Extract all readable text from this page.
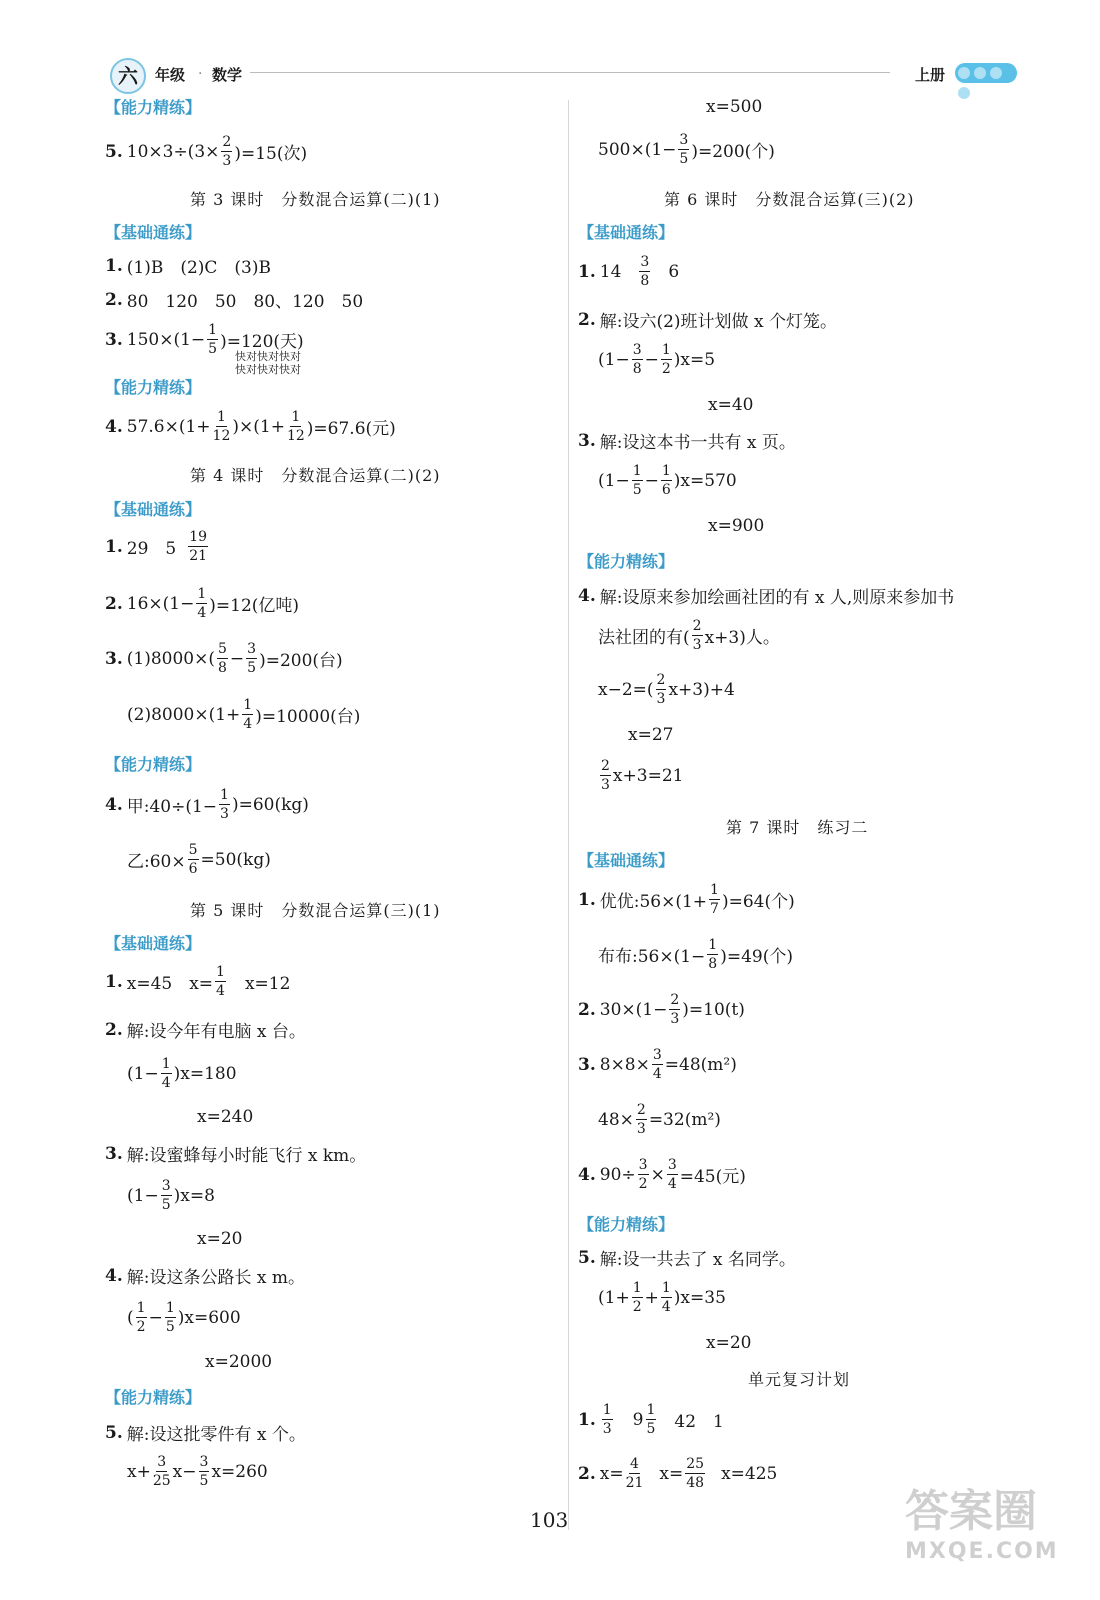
六	年级 · 数学	上册
【能力精练】
5. $10\times 3\div(3\times \frac{2}{3} )=15$(次)
第 3 课时　分数混合运算(二)(1)
【基础通练】
1. (1)B　(2)C　(3)B
2. 80　120　50　80、120　50
3. $150\times(1- \frac{1}{5} )=120$(天)
快对快对快对
快对快对快对
【能力精练】
4. $57.6\times(1+ \frac{1}{12} )\times(1+ \frac{1}{12} )=67.6$(元)
第 4 课时　分数混合运算(二)(2)
【基础通练】
1. 29　$5 \frac{19}{21}$
2. $16\times(1- \frac{1}{4} )=12$(亿吨)
3. $(1)8000\times( \frac{5}{8} - \frac{3}{5} )=200$(台)
$(2)8000\times(1+ \frac{1}{4} )=10000$(台)
【能力精练】
4. 甲:40÷(1− $\frac{1}{3} )=60(kg)$
乙:60× $\frac{5}{6} =50(kg)$
第 5 课时　分数混合运算(三)(1)
【基础通练】
1. x=45　$x= \frac{1}{4}$ 　x=12
2. 解:设今年有电脑 x 台。
$(1- \frac{1}{4} )x=180$
x=240
3. 解:设蜜蜂每小时能飞行 x km。
$(1- \frac{3}{5} )x=8$
x=20
4. 解:设这条公路长 x m。
( $\frac{1}{2} - \frac{1}{5} )x=600$
x=2000
【能力精练】
5. 解:设这批零件有 x 个。
$x+ \frac{3}{25} x- \frac{3}{5} x=260$
x=500
$500\times(1- \frac{3}{5} )=200$(个)
第 6 课时　分数混合运算(三)(2)
【基础通练】
1. $14 \frac{3}{8} 6$
2. 解:设六(2)班计划做 x 个灯笼。
$(1- \frac{3}{8} - \frac{1}{2} )x=5$
x=40
3. 解:设这本书一共有 x 页。
$(1- \frac{1}{5} - \frac{1}{6} )x=570$
x=900
【能力精练】
4. 解:设原来参加绘画社团的有 x 人,则原来参加书
法社团的有( $\frac{2}{3} x+3$)人。
$x-2=( \frac{2}{3} x+3)+4$
x=27
$\frac{2}{3} x+3=21$
第 7 课时　练习二
【基础通练】
1. 优优:56×(1+ $\frac{1}{7} )=64$(个)
布布:56×(1− $\frac{1}{8} )=49$(个)
2. $30\times(1- \frac{2}{3} )=10(t)$
3. $8\times 8\times \frac{3}{4} =48(m^2)$
$48\times \frac{2}{3} =32(m^2)$
4. $90\div \frac{3}{2} \times \frac{3}{4} =45$(元)
【能力精练】
5. 解:设一共去了 x 名同学。
$(1+ \frac{1}{2} + \frac{1}{4} )x=35$
x=20
单元复习计划
1. $\frac{1}{3} 9 \frac{1}{5} 42$　1
2. $x= \frac{4}{21} x= \frac{25}{48} x=425$
103	答案圈
MXQE.COM
